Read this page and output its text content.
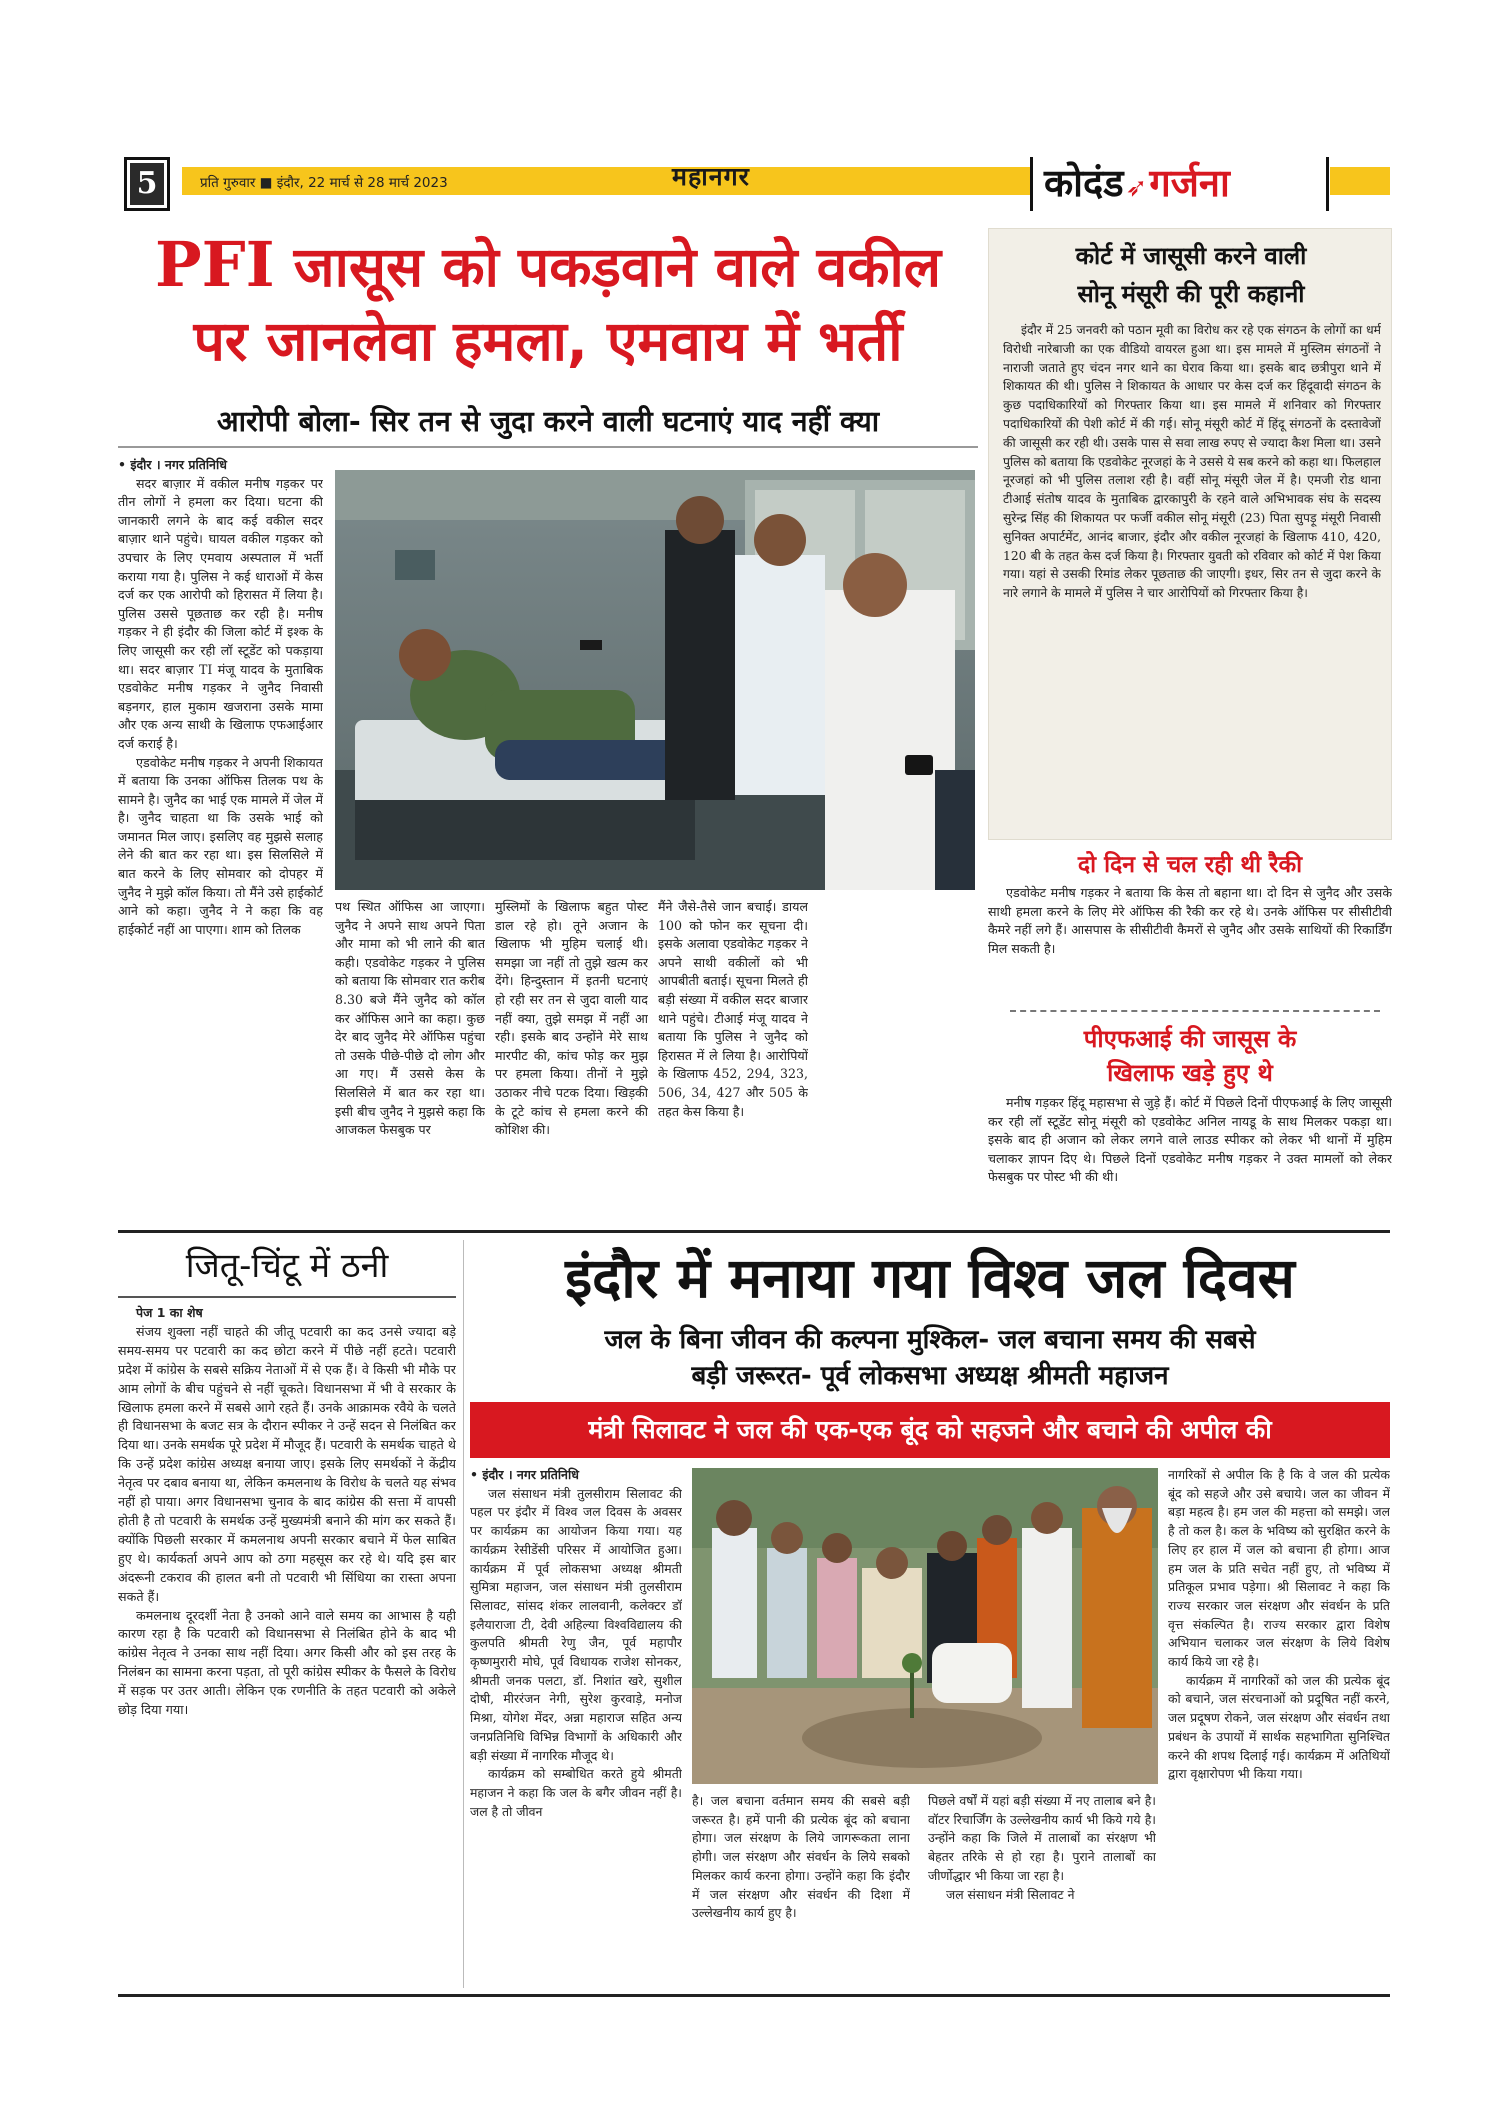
5	प्रति गुरुवार ■ इंदौर, 22 मार्च से 28 मार्च 2023	महानगर	कोदंड➶गर्जना
PFI जासूस को पकड़वाने वाले वकील
पर जानलेवा हमला, एमवाय में भर्ती
आरोपी बोला- सिर तन से जुदा करने वाली घटनाएं याद नहीं क्या

• इंदौर । नगर प्रतिनिधि

सदर बाज़ार में वकील मनीष गड़कर पर तीन लोगों ने हमला कर दिया। घटना की जानकारी लगने के बाद कई वकील सदर बाज़ार थाने पहुंचे। घायल वकील गड़कर को उपचार के लिए एमवाय अस्पताल में भर्ती कराया गया है। पुलिस ने कई धाराओं में केस दर्ज कर एक आरोपी को हिरासत में लिया है। पुलिस उससे पूछताछ कर रही है। मनीष गड़कर ने ही इंदौर की जिला कोर्ट में इश्क के लिए जासूसी कर रही लॉ स्टूडेंट को पकड़ाया था। सदर बाज़ार TI मंजू यादव के मुताबिक एडवोकेट मनीष गड़कर ने जुनैद निवासी बड़नगर, हाल मुकाम खजराना उसके मामा और एक अन्य साथी के खिलाफ एफआईआर दर्ज कराई है।

एडवोकेट मनीष गड़कर ने अपनी शिकायत में बताया कि उनका ऑफिस तिलक पथ के सामने है। जुनैद का भाई एक मामले में जेल में है। जुनैद चाहता था कि उसके भाई को जमानत मिल जाए। इसलिए वह मुझसे सलाह लेने की बात कर रहा था। इस सिलसिले में बात करने के लिए सोमवार को दोपहर में जुनैद ने मुझे कॉल किया। तो मैंने उसे हाईकोर्ट आने को कहा। जुनैद ने ने कहा कि वह हाईकोर्ट नहीं आ पाएगा। शाम को तिलक

पथ स्थित ऑफिस आ जाएगा। जुनैद ने अपने साथ अपने पिता और मामा को भी लाने की बात कही। एडवोकेट गड़कर ने पुलिस को बताया कि सोमवार रात करीब 8.30 बजे मैंने जुनैद को कॉल कर ऑफिस आने का कहा। कुछ देर बाद जुनैद मेरे ऑफिस पहुंचा तो उसके पीछे-पीछे दो लोग और आ गए। मैं उससे केस के सिलसिले में बात कर रहा था। इसी बीच जुनैद ने मुझसे कहा कि आजकल फेसबुक पर

मुस्लिमों के खिलाफ बहुत पोस्ट डाल रहे हो। तूने अजान के खिलाफ भी मुहिम चलाई थी। समझा जा नहीं तो तुझे खत्म कर देंगे। हिन्दुस्तान में इतनी घटनाएं हो रही सर तन से जुदा वाली याद नहीं क्या, तुझे समझ में नहीं आ रही। इसके बाद उन्होंने मेरे साथ मारपीट की, कांच फोड़ कर मुझ पर हमला किया। तीनों ने मुझे उठाकर नीचे पटक दिया। खिड़की के टूटे कांच से हमला करने की कोशिश की।

मैंने जैसे-तैसे जान बचाई। डायल 100 को फोन कर सूचना दी। इसके अलावा एडवोकेट गड़कर ने अपने साथी वकीलों को भी आपबीती बताई। सूचना मिलते ही बड़ी संख्या में वकील सदर बाजार थाने पहुंचे। टीआई मंजू यादव ने बताया कि पुलिस ने जुनैद को हिरासत में ले लिया है। आरोपियों के खिलाफ 452, 294, 323, 506, 34, 427 और 505 के तहत केस किया है।

कोर्ट में जासूसी करने वाली
सोनू मंसूरी की पूरी कहानी

इंदौर में 25 जनवरी को पठान मूवी का विरोध कर रहे एक संगठन के लोगों का धर्म विरोधी नारेबाजी का एक वीडियो वायरल हुआ था। इस मामले में मुस्लिम संगठनों ने नाराजी जताते हुए चंदन नगर थाने का घेराव किया था। इसके बाद छत्रीपुरा थाने में शिकायत की थी। पुलिस ने शिकायत के आधार पर केस दर्ज कर हिंदूवादी संगठन के कुछ पदाधिकारियों को गिरफ्तार किया था। इस मामले में शनिवार को गिरफ्तार पदाधिकारियों की पेशी कोर्ट में की गई। सोनू मंसूरी कोर्ट में हिंदू संगठनों के दस्तावेजों की जासूसी कर रही थी। उसके पास से सवा लाख रुपए से ज्यादा कैश मिला था। उसने पुलिस को बताया कि एडवोकेट नूरजहां के ने उससे ये सब करने को कहा था। फिलहाल नूरजहां को भी पुलिस तलाश रही है। वहीं सोनू मंसूरी जेल में है। एमजी रोड थाना टीआई संतोष यादव के मुताबिक द्वारकापुरी के रहने वाले अभिभावक संघ के सदस्य सुरेन्द्र सिंह की शिकायत पर फर्जी वकील सोनू मंसूरी (23) पिता सुपड़ू मंसूरी निवासी सुनिक्त अपार्टमेंट, आनंद बाजार, इंदौर और वकील नूरजहां के खिलाफ 410, 420, 120 बी के तहत केस दर्ज किया है। गिरफ्तार युवती को रविवार को कोर्ट में पेश किया गया। यहां से उसकी रिमांड लेकर पूछताछ की जाएगी। इधर, सिर तन से जुदा करने के नारे लगाने के मामले में पुलिस ने चार आरोपियों को गिरफ्तार किया है।

दो दिन से चल रही थी रैकी

एडवोकेट मनीष गड़कर ने बताया कि केस तो बहाना था। दो दिन से जुनैद और उसके साथी हमला करने के लिए मेरे ऑफिस की रैकी कर रहे थे। उनके ऑफिस पर सीसीटीवी कैमरे नहीं लगे हैं। आसपास के सीसीटीवी कैमरों से जुनैद और उसके साथियों की रिकार्डिंग मिल सकती है।

पीएफआई की जासूस के
खिलाफ खड़े हुए थे

मनीष गड़कर हिंदू महासभा से जुड़े हैं। कोर्ट में पिछले दिनों पीएफआई के लिए जासूसी कर रही लॉ स्टूडेंट सोनू मंसूरी को एडवोकेट अनिल नायडू के साथ मिलकर पकड़ा था। इसके बाद ही अजान को लेकर लगने वाले लाउड स्पीकर को लेकर भी थानों में मुहिम चलाकर ज्ञापन दिए थे। पिछले दिनों एडवोकेट मनीष गड़कर ने उक्त मामलों को लेकर फेसबुक पर पोस्ट भी की थी।

जितू-चिंटू में ठनी

पेज 1 का शेष

संजय शुक्ला नहीं चाहते की जीतू पटवारी का कद उनसे ज्यादा बड़े समय-समय पर पटवारी का कद छोटा करने में पीछे नहीं हटते। पटवारी प्रदेश में कांग्रेस के सबसे सक्रिय नेताओं में से एक हैं। वे किसी भी मौके पर आम लोगों के बीच पहुंचने से नहीं चूकते। विधानसभा में भी वे सरकार के खिलाफ हमला करने में सबसे आगे रहते हैं। उनके आक्रामक रवैये के चलते ही विधानसभा के बजट सत्र के दौरान स्पीकर ने उन्हें सदन से निलंबित कर दिया था। उनके समर्थक पूरे प्रदेश में मौजूद हैं। पटवारी के समर्थक चाहते थे कि उन्हें प्रदेश कांग्रेस अध्यक्ष बनाया जाए। इसके लिए समर्थकों ने केंद्रीय नेतृत्व पर दबाव बनाया था, लेकिन कमलनाथ के विरोध के चलते यह संभव नहीं हो पाया। अगर विधानसभा चुनाव के बाद कांग्रेस की सत्ता में वापसी होती है तो पटवारी के समर्थक उन्हें मुख्यमंत्री बनाने की मांग कर सकते हैं। क्योंकि पिछली सरकार में कमलनाथ अपनी सरकार बचाने में फेल साबित हुए थे। कार्यकर्ता अपने आप को ठगा महसूस कर रहे थे। यदि इस बार अंदरूनी टकराव की हालत बनी तो पटवारी भी सिंधिया का रास्ता अपना सकते हैं।

कमलनाथ दूरदर्शी नेता है उनको आने वाले समय का आभास है यही कारण रहा है कि पटवारी को विधानसभा से निलंबित होने के बाद भी कांग्रेस नेतृत्व ने उनका साथ नहीं दिया। अगर किसी और को इस तरह के निलंबन का सामना करना पड़ता, तो पूरी कांग्रेस स्पीकर के फैसले के विरोध में सड़क पर उतर आती। लेकिन एक रणनीति के तहत पटवारी को अकेले छोड़ दिया गया।

इंदौर में मनाया गया विश्व जल दिवस
जल के बिना जीवन की कल्पना मुश्किल- जल बचाना समय की सबसे
बड़ी जरूरत- पूर्व लोकसभा अध्यक्ष श्रीमती महाजन
मंत्री सिलावट ने जल की एक-एक बूंद को सहजने और बचाने की अपील की

• इंदौर । नगर प्रतिनिधि

जल संसाधन मंत्री तुलसीराम सिलावट की पहल पर इंदौर में विश्व जल दिवस के अवसर पर कार्यक्रम का आयोजन किया गया। यह कार्यक्रम रेसीडेंसी परिसर में आयोजित हुआ। कार्यक्रम में पूर्व लोकसभा अध्यक्ष श्रीमती सुमित्रा महाजन, जल संसाधन मंत्री तुलसीराम सिलावट, सांसद शंकर लालवानी, कलेक्टर डॉ इलैयाराजा टी, देवी अहिल्या विश्वविद्यालय की कुलपति श्रीमती रेणु जैन, पूर्व महापौर कृष्णमुरारी मोघे, पूर्व विधायक राजेश सोनकर, श्रीमती जनक पलटा, डॉ. निशांत खरे, सुशील दोषी, मीररंजन नेगी, सुरेश कुरवाड़े, मनोज मिश्रा, योगेश मेंदर, अन्ना महाराज सहित अन्य जनप्रतिनिधि विभिन्न विभागों के अधिकारी और बड़ी संख्या में नागरिक मौजूद थे।

कार्यक्रम को सम्बोधित करते हुये श्रीमती महाजन ने कहा कि जल के बगैर जीवन नहीं है। जल है तो जीवन

है। जल बचाना वर्तमान समय की सबसे बड़ी जरूरत है। हमें पानी की प्रत्येक बूंद को बचाना होगा। जल संरक्षण के लिये जागरूकता लाना होगी। जल संरक्षण और संवर्धन के लिये सबको मिलकर कार्य करना होगा। उन्होंने कहा कि इंदौर में जल संरक्षण और संवर्धन की दिशा में उल्लेखनीय कार्य हुए है।

पिछले वर्षों में यहां बड़ी संख्या में नए तालाब बने है। वॉटर रिचार्जिंग के उल्लेखनीय कार्य भी किये गये है। उन्होंने कहा कि जिले में तालाबों का संरक्षण भी बेहतर तरिके से हो रहा है। पुराने तालाबों का जीर्णोद्धार भी किया जा रहा है।

जल संसाधन मंत्री सिलावट ने

नागरिकों से अपील कि है कि वे जल की प्रत्येक बूंद को सहजे और उसे बचाये। जल का जीवन में बड़ा महत्व है। हम जल की महत्ता को समझे। जल है तो कल है। कल के भविष्य को सुरक्षित करने के लिए हर हाल में जल को बचाना ही होगा। आज हम जल के प्रति सचेत नहीं हुए, तो भविष्य में प्रतिकूल प्रभाव पड़ेगा। श्री सिलावट ने कहा कि राज्य सरकार जल संरक्षण और संवर्धन के प्रति वृत्त संकल्पित है। राज्य सरकार द्वारा विशेष अभियान चलाकर जल संरक्षण के लिये विशेष कार्य किये जा रहे है।

कार्यक्रम में नागरिकों को जल की प्रत्येक बूंद को बचाने, जल संरचनाओं को प्रदूषित नहीं करने, जल प्रदूषण रोकने, जल संरक्षण और संवर्धन तथा प्रबंधन के उपायों में सार्थक सहभागिता सुनिश्चित करने की शपथ दिलाई गई। कार्यक्रम में अतिथियों द्वारा वृक्षारोपण भी किया गया।
